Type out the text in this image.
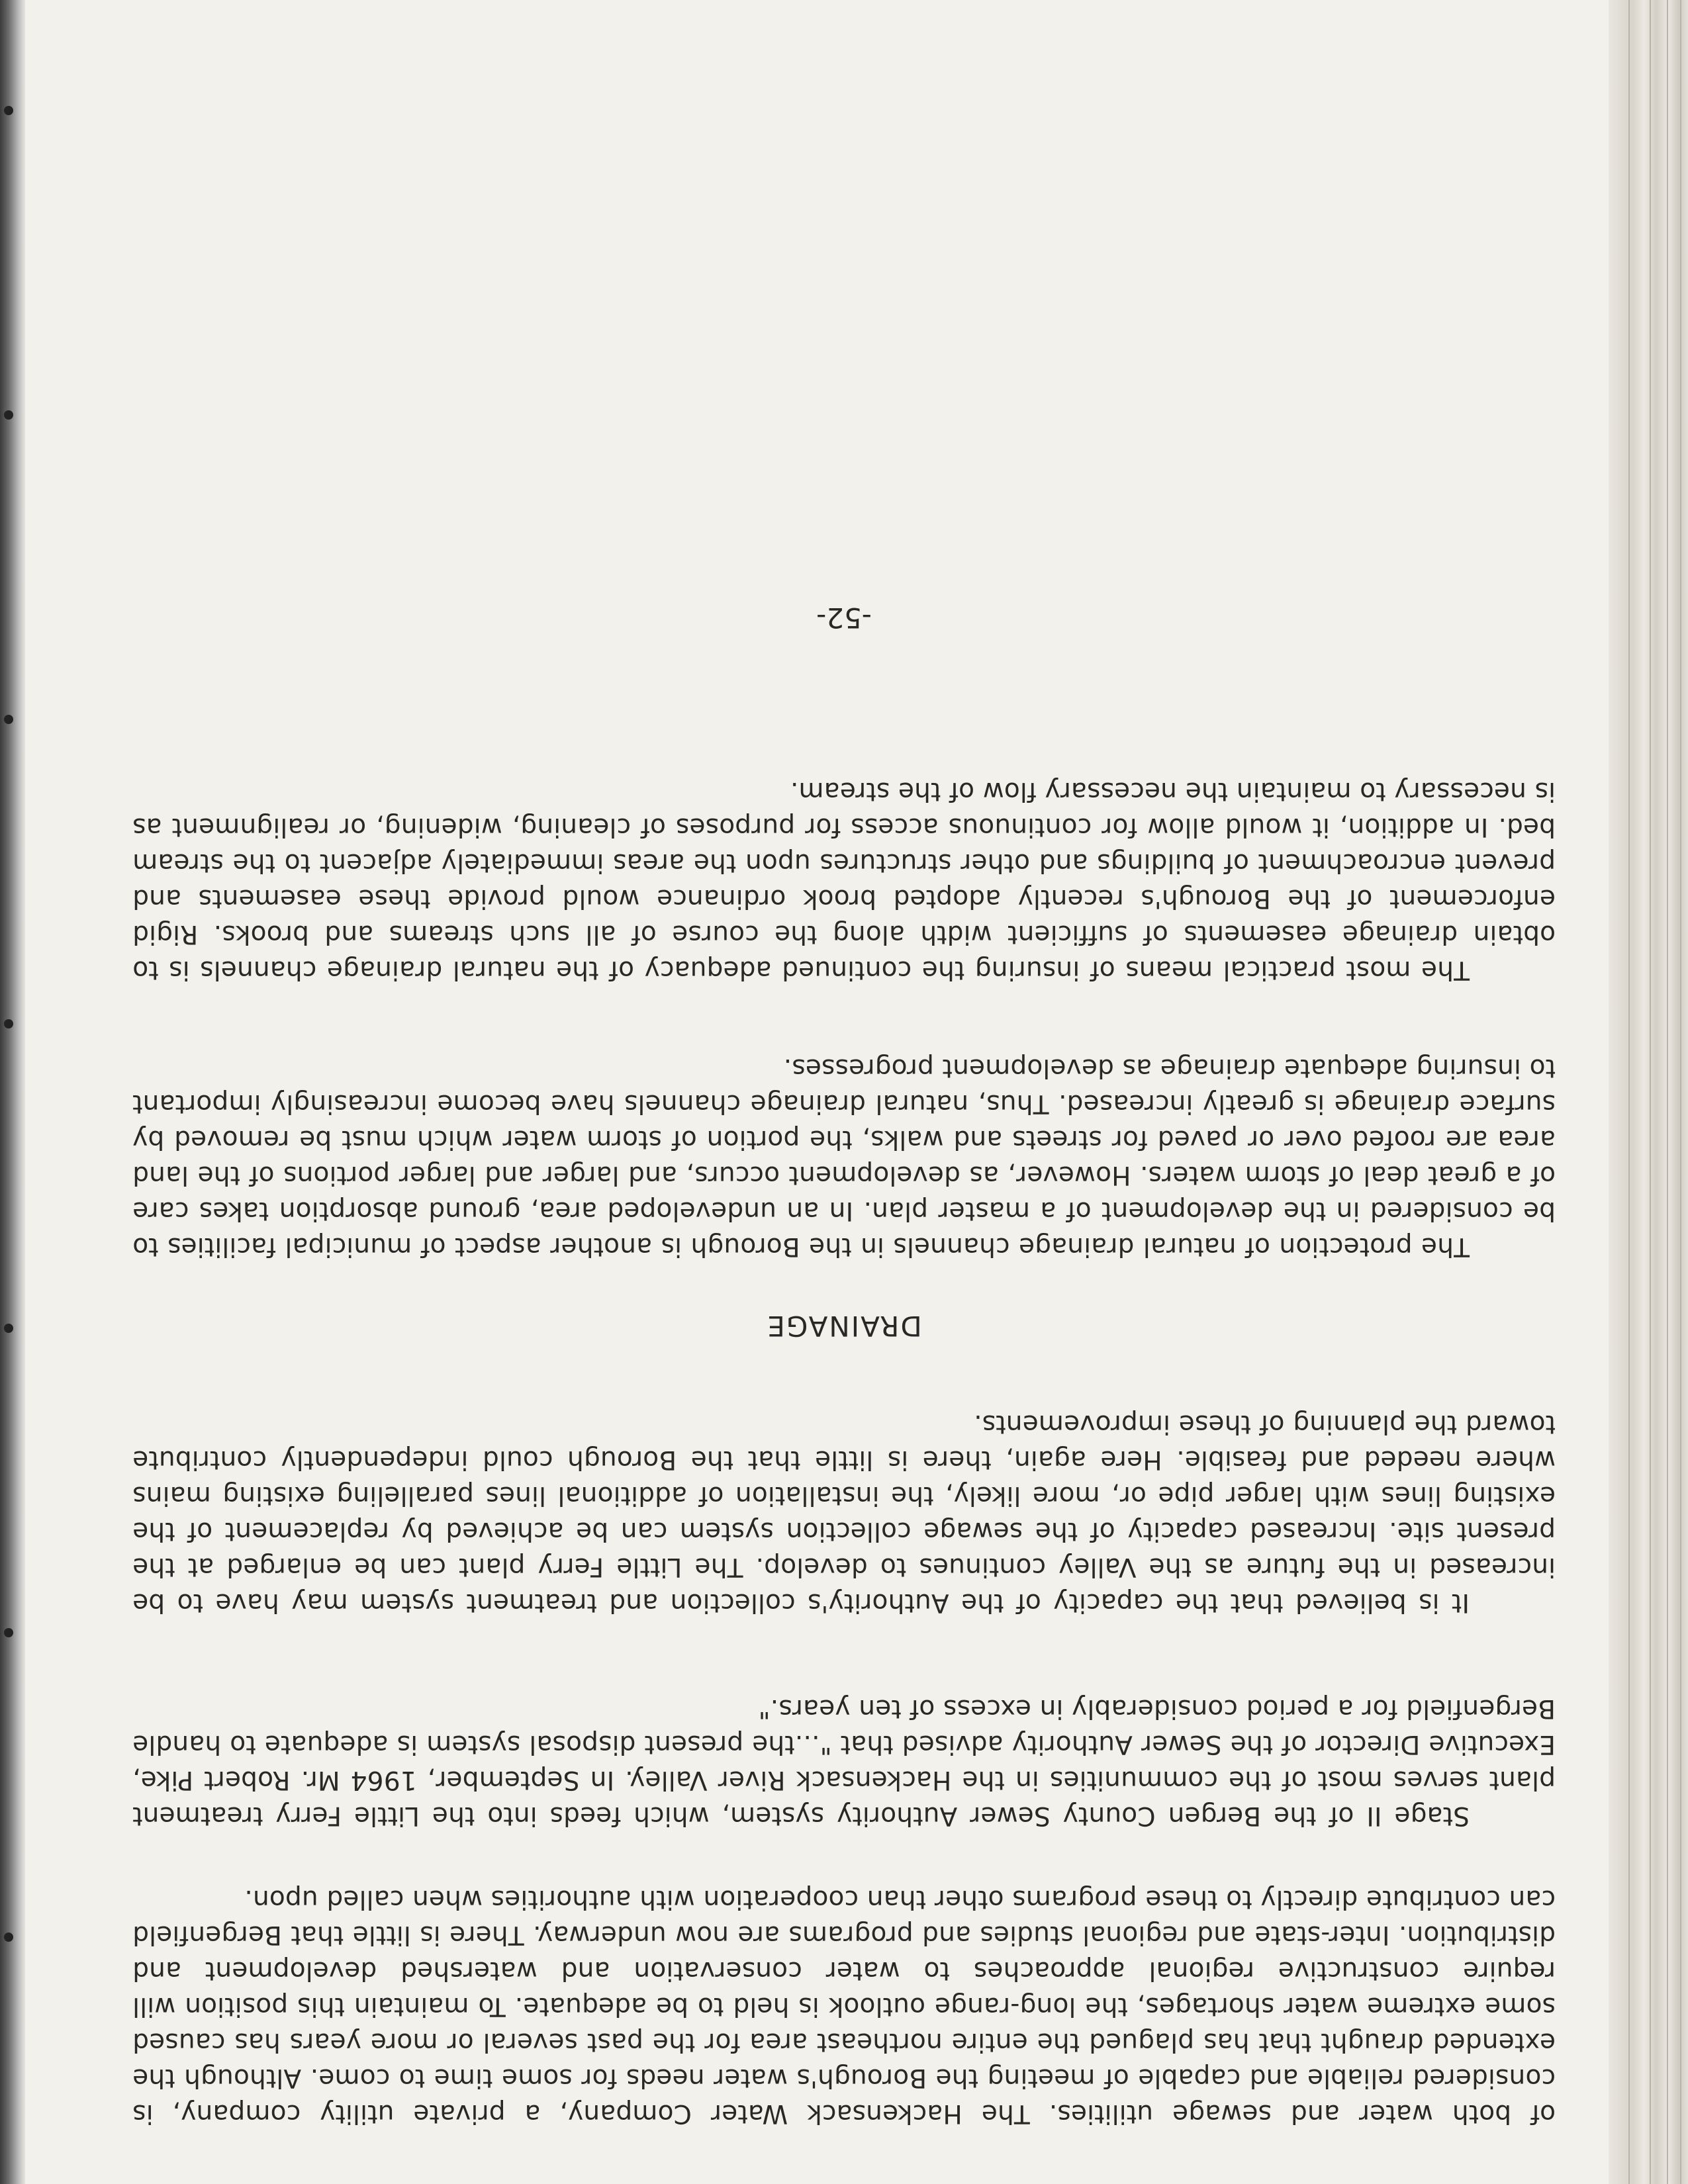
of both water and sewage utilities. The Hackensack Water Company, a private utility company, is considered reliable and capable of meeting the Borough's water needs for some time to come. Although the extended draught that has plagued the entire northeast area for the past several or more years has caused some extreme water shortages, the long-range outlook is held to be adequate. To maintain this position will require constructive regional approaches to water conservation and watershed development and distribution. Inter-state and regional studies and programs are now underway. There is little that Bergenfield can contribute directly to these programs other than cooperation with authorities when called upon.

Stage II of the Bergen County Sewer Authority system, which feeds into the Little Ferry treatment plant serves most of the communities in the Hackensack River Valley. In September, 1964 Mr. Robert Pike, Executive Director of the Sewer Authority advised that "...the present disposal system is adequate to handle Bergenfield for a period considerably in excess of ten years."

It is believed that the capacity of the Authority's collection and treatment system may have to be increased in the future as the Valley continues to develop. The Little Ferry plant can be enlarged at the present site. Increased capacity of the sewage collection system can be achieved by replacement of the existing lines with larger pipe or, more likely, the installation of additional lines paralleling existing mains where needed and feasible. Here again, there is little that the Borough could independently contribute toward the planning of these improvements.

DRAINAGE

The protection of natural drainage channels in the Borough is another aspect of municipal facilities to be considered in the development of a master plan. In an undeveloped area, ground absorption takes care of a great deal of storm waters. However, as development occurs, and larger and larger portions of the land area are roofed over or paved for streets and walks, the portion of storm water which must be removed by surface drainage is greatly increased. Thus, natural drainage channels have become increasingly important to insuring adequate drainage as development progresses.

The most practical means of insuring the continued adequacy of the natural drainage channels is to obtain drainage easements of sufficient width along the course of all such streams and brooks. Rigid enforcement of the Borough's recently adopted brook ordinance would provide these easements and prevent encroachment of buildings and other structures upon the areas immediately adjacent to the stream bed. In addition, it would allow for continuous access for purposes of cleaning, widening, or realignment as is necessary to maintain the necessary flow of the stream.

-52-
